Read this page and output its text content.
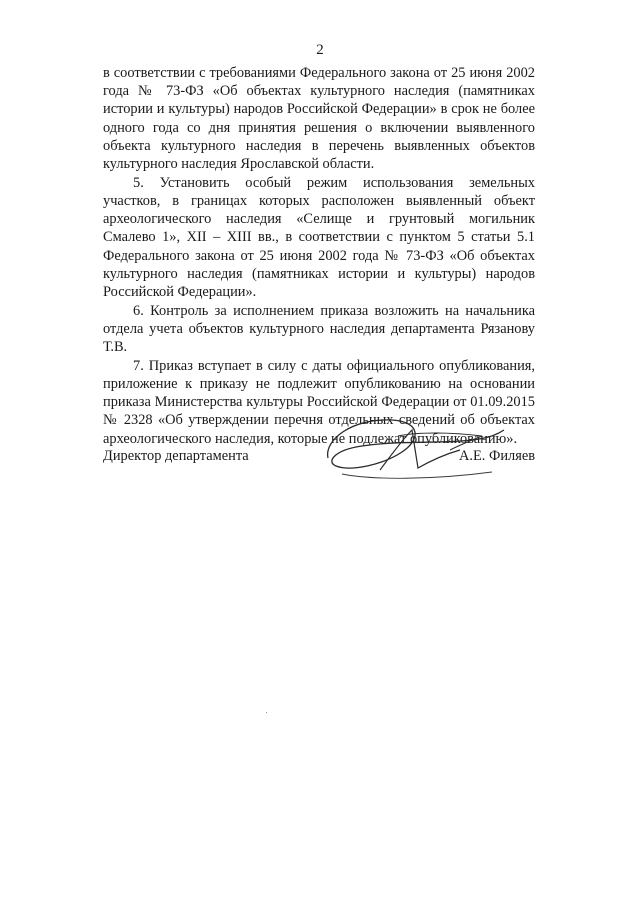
2

в соответствии с требованиями Федерального закона от 25 июня 2002 года № 73-ФЗ «Об объектах культурного наследия (памятниках истории и культуры) народов Российской Федерации» в срок не более одного года со дня принятия решения о включении выявленного объекта культурного наследия в перечень выявленных объектов культурного наследия Ярославской области.

5. Установить особый режим использования земельных участков, в границах которых расположен выявленный объект археологического наследия «Селище и грунтовый могильник Смалево 1», XII – XIII вв., в соответствии с пунктом 5 статьи 5.1 Федерального закона от 25 июня 2002 года № 73-ФЗ «Об объектах культурного наследия (памятниках истории и культуры) народов Российской Федерации».

6. Контроль за исполнением приказа возложить на начальника отдела учета объектов культурного наследия департамента Рязанову Т.В.

7. Приказ вступает в силу с даты официального опубликования, приложение к приказу не подлежит опубликованию на основании приказа Министерства культуры Российской Федерации от 01.09.2015 № 2328 «Об утверждении перечня отдельных сведений об объектах археологического наследия, которые не подлежат опубликованию».

Директор департамента	А.Е. Филяев
